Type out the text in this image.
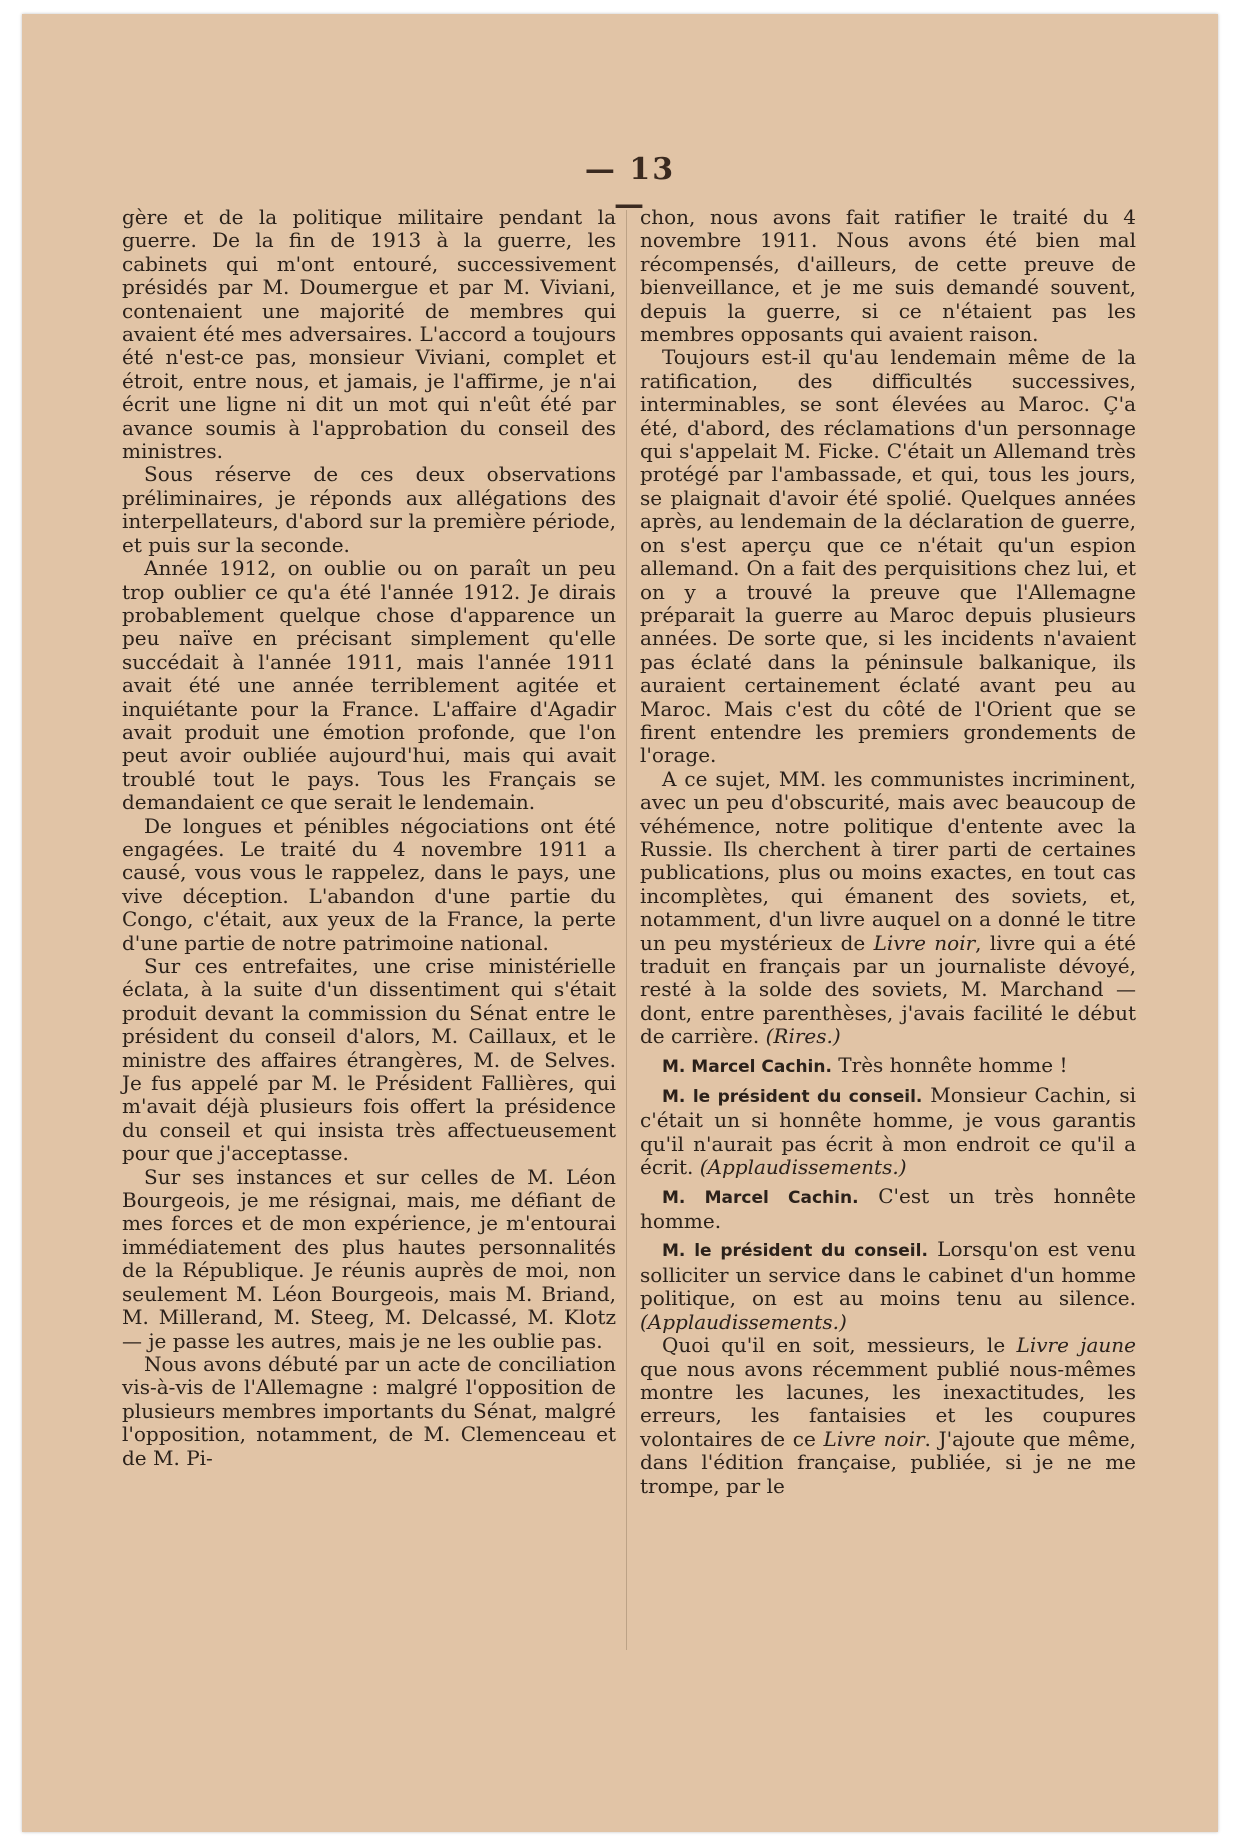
— 13 —

gère et de la politique militaire pendant la guerre. De la fin de 1913 à la guerre, les cabinets qui m'ont entouré, successivement présidés par M. Doumergue et par M. Viviani, contenaient une majorité de membres qui avaient été mes adversaires. L'accord a toujours été n'est-ce pas, monsieur Viviani, complet et étroit, entre nous, et jamais, je l'affirme, je n'ai écrit une ligne ni dit un mot qui n'eût été par avance soumis à l'approbation du conseil des ministres.

Sous réserve de ces deux observations préliminaires, je réponds aux allégations des interpellateurs, d'abord sur la première période, et puis sur la seconde.

Année 1912, on oublie ou on paraît un peu trop oublier ce qu'a été l'année 1912. Je dirais probablement quelque chose d'apparence un peu naïve en précisant simplement qu'elle succédait à l'année 1911, mais l'année 1911 avait été une année terriblement agitée et inquiétante pour la France. L'affaire d'Agadir avait produit une émotion profonde, que l'on peut avoir oubliée aujourd'hui, mais qui avait troublé tout le pays. Tous les Français se demandaient ce que serait le lendemain.

De longues et pénibles négociations ont été engagées. Le traité du 4 novembre 1911 a causé, vous vous le rappelez, dans le pays, une vive déception. L'abandon d'une partie du Congo, c'était, aux yeux de la France, la perte d'une partie de notre patrimoine national.

Sur ces entrefaites, une crise ministérielle éclata, à la suite d'un dissentiment qui s'était produit devant la commission du Sénat entre le président du conseil d'alors, M. Caillaux, et le ministre des affaires étrangères, M. de Selves. Je fus appelé par M. le Président Fallières, qui m'avait déjà plusieurs fois offert la présidence du conseil et qui insista très affectueusement pour que j'acceptasse.

Sur ses instances et sur celles de M. Léon Bourgeois, je me résignai, mais, me défiant de mes forces et de mon expérience, je m'entourai immédiatement des plus hautes personnalités de la République. Je réunis auprès de moi, non seulement M. Léon Bourgeois, mais M. Briand, M. Millerand, M. Steeg, M. Delcassé, M. Klotz — je passe les autres, mais je ne les oublie pas.

Nous avons débuté par un acte de conciliation vis-à-vis de l'Allemagne : malgré l'opposition de plusieurs membres importants du Sénat, malgré l'opposition, notamment, de M. Clemenceau et de M. Pi-

chon, nous avons fait ratifier le traité du 4 novembre 1911. Nous avons été bien mal récompensés, d'ailleurs, de cette preuve de bienveillance, et je me suis demandé souvent, depuis la guerre, si ce n'étaient pas les membres opposants qui avaient raison.

Toujours est-il qu'au lendemain même de la ratification, des difficultés successives, interminables, se sont élevées au Maroc. Ç'a été, d'abord, des réclamations d'un personnage qui s'appelait M. Ficke. C'était un Allemand très protégé par l'ambassade, et qui, tous les jours, se plaignait d'avoir été spolié. Quelques années après, au lendemain de la déclaration de guerre, on s'est aperçu que ce n'était qu'un espion allemand. On a fait des perquisitions chez lui, et on y a trouvé la preuve que l'Allemagne préparait la guerre au Maroc depuis plusieurs années. De sorte que, si les incidents n'avaient pas éclaté dans la péninsule balkanique, ils auraient certainement éclaté avant peu au Maroc. Mais c'est du côté de l'Orient que se firent entendre les premiers grondements de l'orage.

A ce sujet, MM. les communistes incriminent, avec un peu d'obscurité, mais avec beaucoup de véhémence, notre politique d'entente avec la Russie. Ils cherchent à tirer parti de certaines publications, plus ou moins exactes, en tout cas incomplètes, qui émanent des soviets, et, notamment, d'un livre auquel on a donné le titre un peu mystérieux de Livre noir, livre qui a été traduit en français par un journaliste dévoyé, resté à la solde des soviets, M. Marchand — dont, entre parenthèses, j'avais facilité le début de carrière. (Rires.)

M. Marcel Cachin. Très honnête homme !

M. le président du conseil. Monsieur Cachin, si c'était un si honnête homme, je vous garantis qu'il n'aurait pas écrit à mon endroit ce qu'il a écrit. (Applaudissements.)

M. Marcel Cachin. C'est un très honnête homme.

M. le président du conseil. Lorsqu'on est venu solliciter un service dans le cabinet d'un homme politique, on est au moins tenu au silence. (Applaudissements.)

Quoi qu'il en soit, messieurs, le Livre jaune que nous avons récemment publié nous-mêmes montre les lacunes, les inexactitudes, les erreurs, les fantaisies et les coupures volontaires de ce Livre noir. J'ajoute que même, dans l'édition française, publiée, si je ne me trompe, par le
